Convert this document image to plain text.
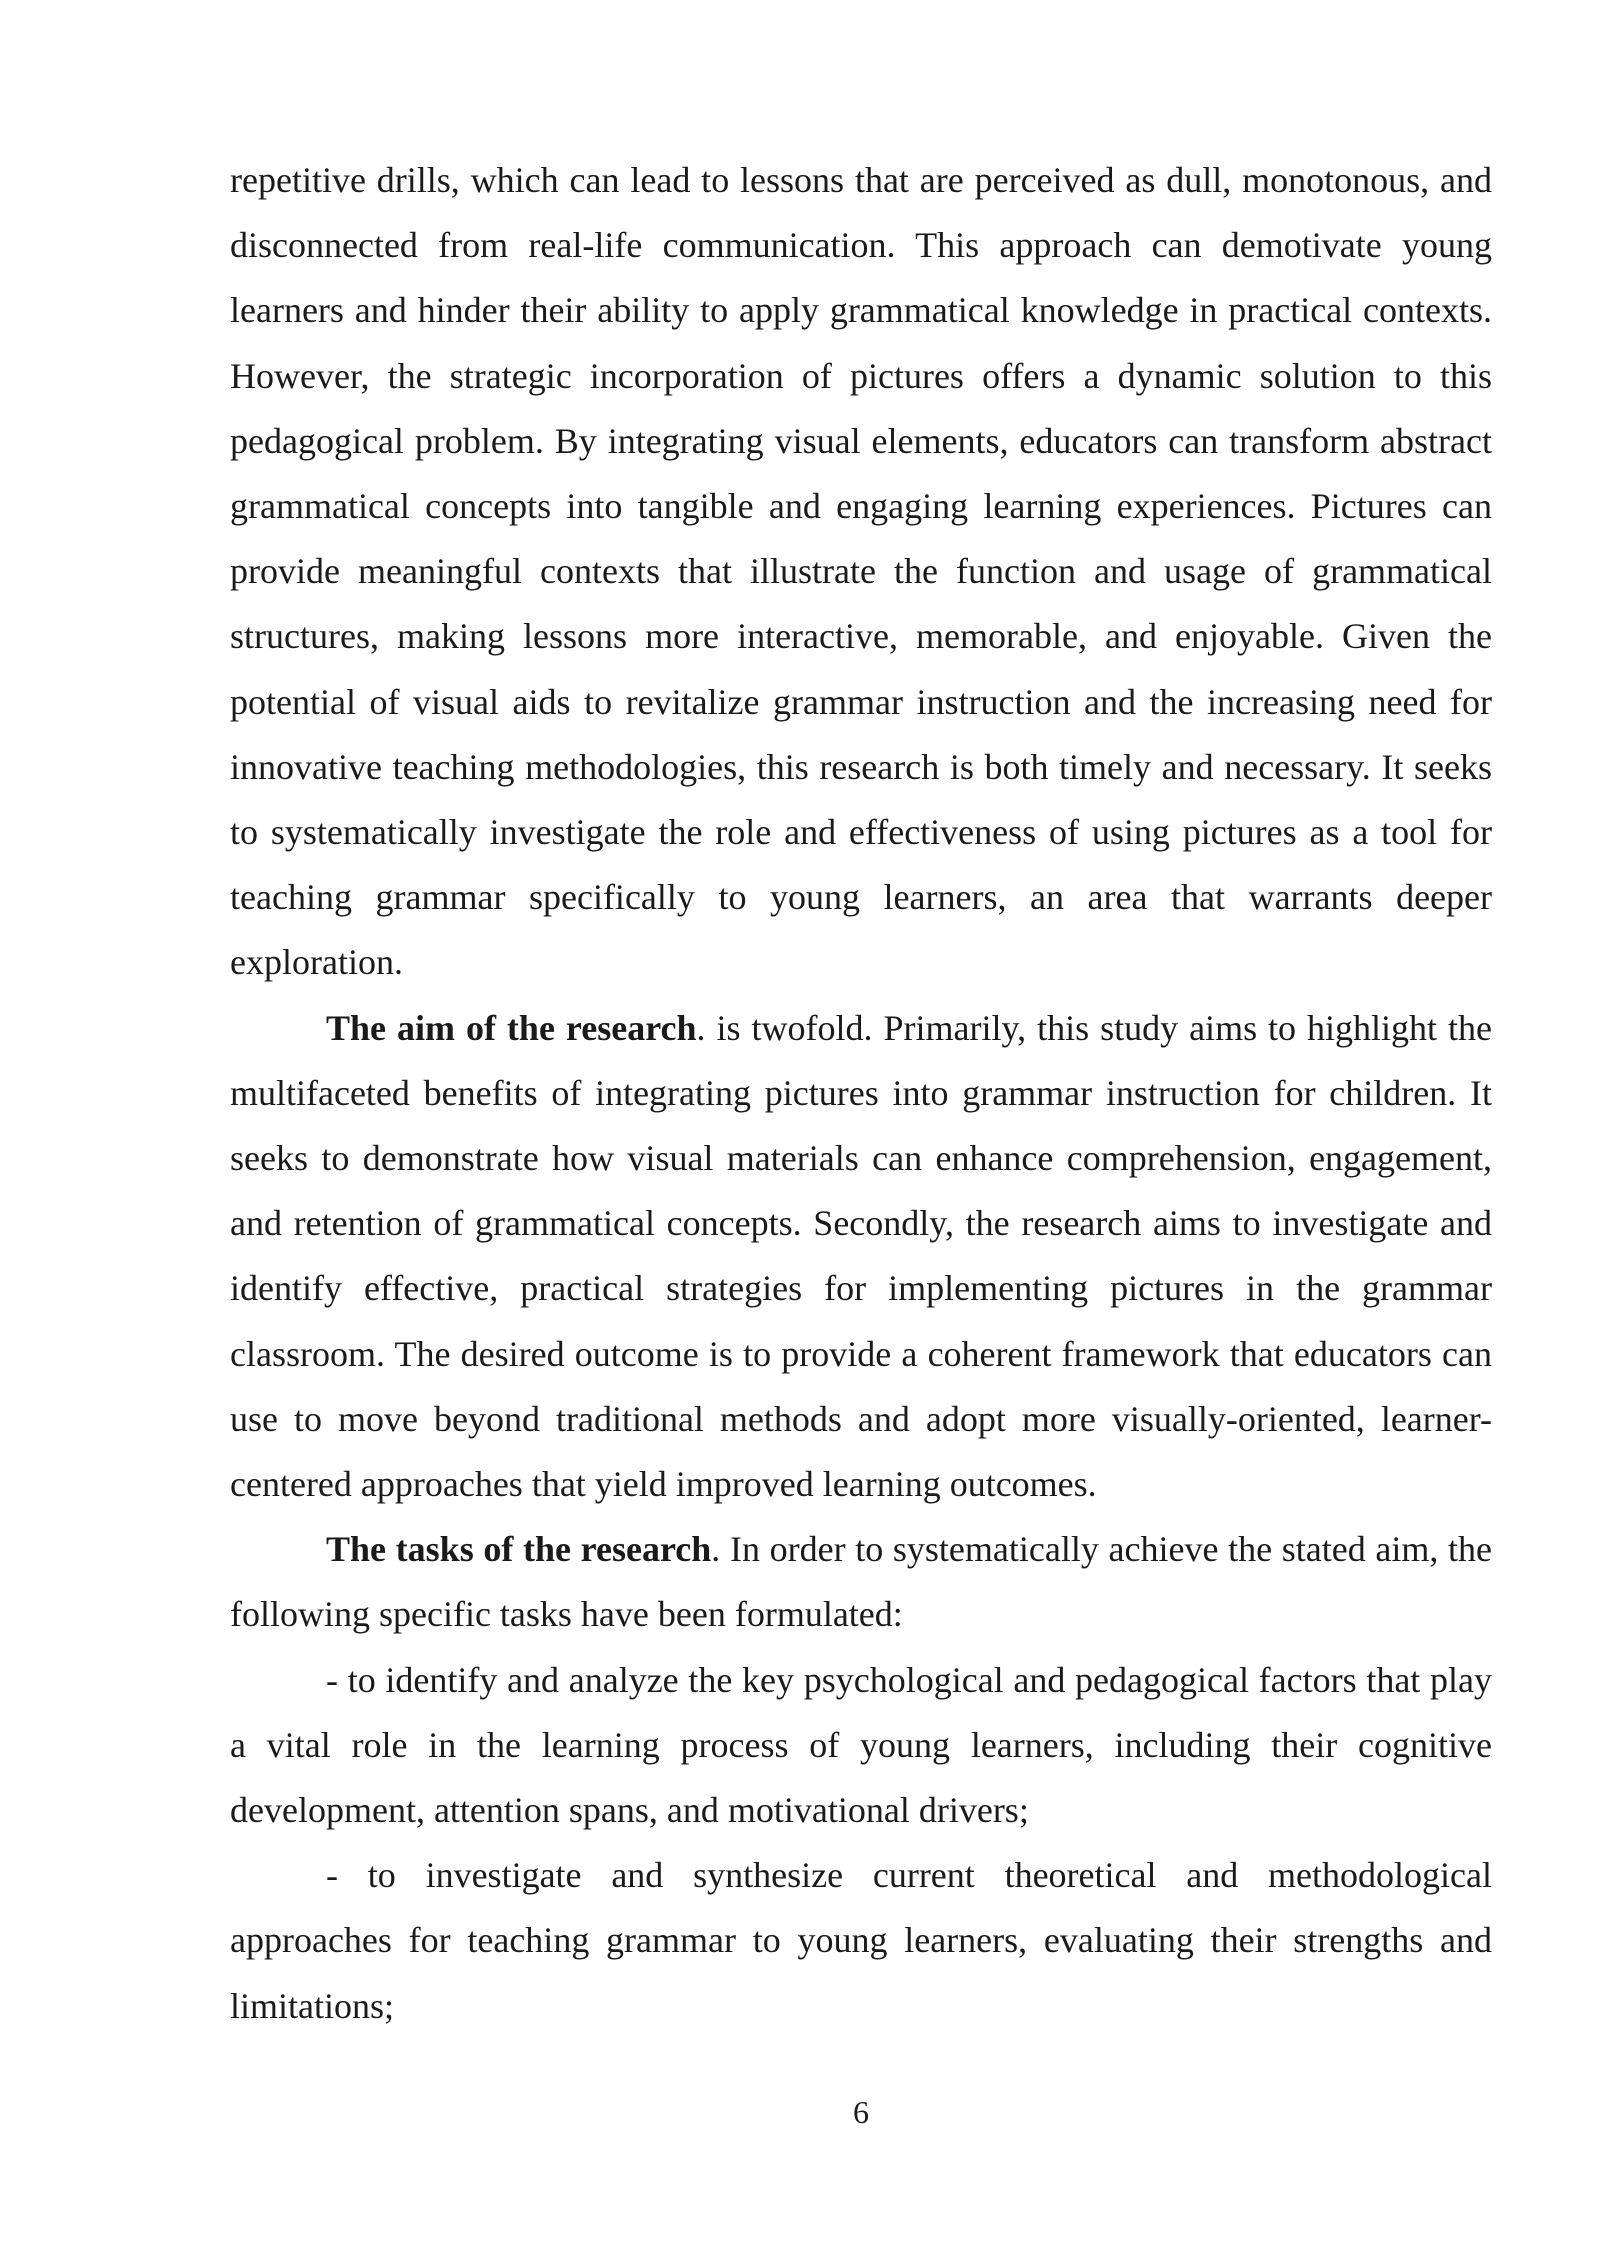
repetitive drills, which can lead to lessons that are perceived as dull, monotonous, and disconnected from real-life communication. This approach can demotivate young learners and hinder their ability to apply grammatical knowledge in practical contexts. However, the strategic incorporation of pictures offers a dynamic solution to this pedagogical problem. By integrating visual elements, educators can transform abstract grammatical concepts into tangible and engaging learning experiences. Pictures can provide meaningful contexts that illustrate the function and usage of grammatical structures, making lessons more interactive, memorable, and enjoyable. Given the potential of visual aids to revitalize grammar instruction and the increasing need for innovative teaching methodologies, this research is both timely and necessary. It seeks to systematically investigate the role and effectiveness of using pictures as a tool for teaching grammar specifically to young learners, an area that warrants deeper exploration.

The aim of the research. is twofold. Primarily, this study aims to highlight the multifaceted benefits of integrating pictures into grammar instruction for children. It seeks to demonstrate how visual materials can enhance comprehension, engagement, and retention of grammatical concepts. Secondly, the research aims to investigate and identify effective, practical strategies for implementing pictures in the grammar classroom. The desired outcome is to provide a coherent framework that educators can use to move beyond traditional methods and adopt more visually-oriented, learner-centered approaches that yield improved learning outcomes.

The tasks of the research. In order to systematically achieve the stated aim, the following specific tasks have been formulated:

- to identify and analyze the key psychological and pedagogical factors that play a vital role in the learning process of young learners, including their cognitive development, attention spans, and motivational drivers;

- to investigate and synthesize current theoretical and methodological approaches for teaching grammar to young learners, evaluating their strengths and limitations;

6
